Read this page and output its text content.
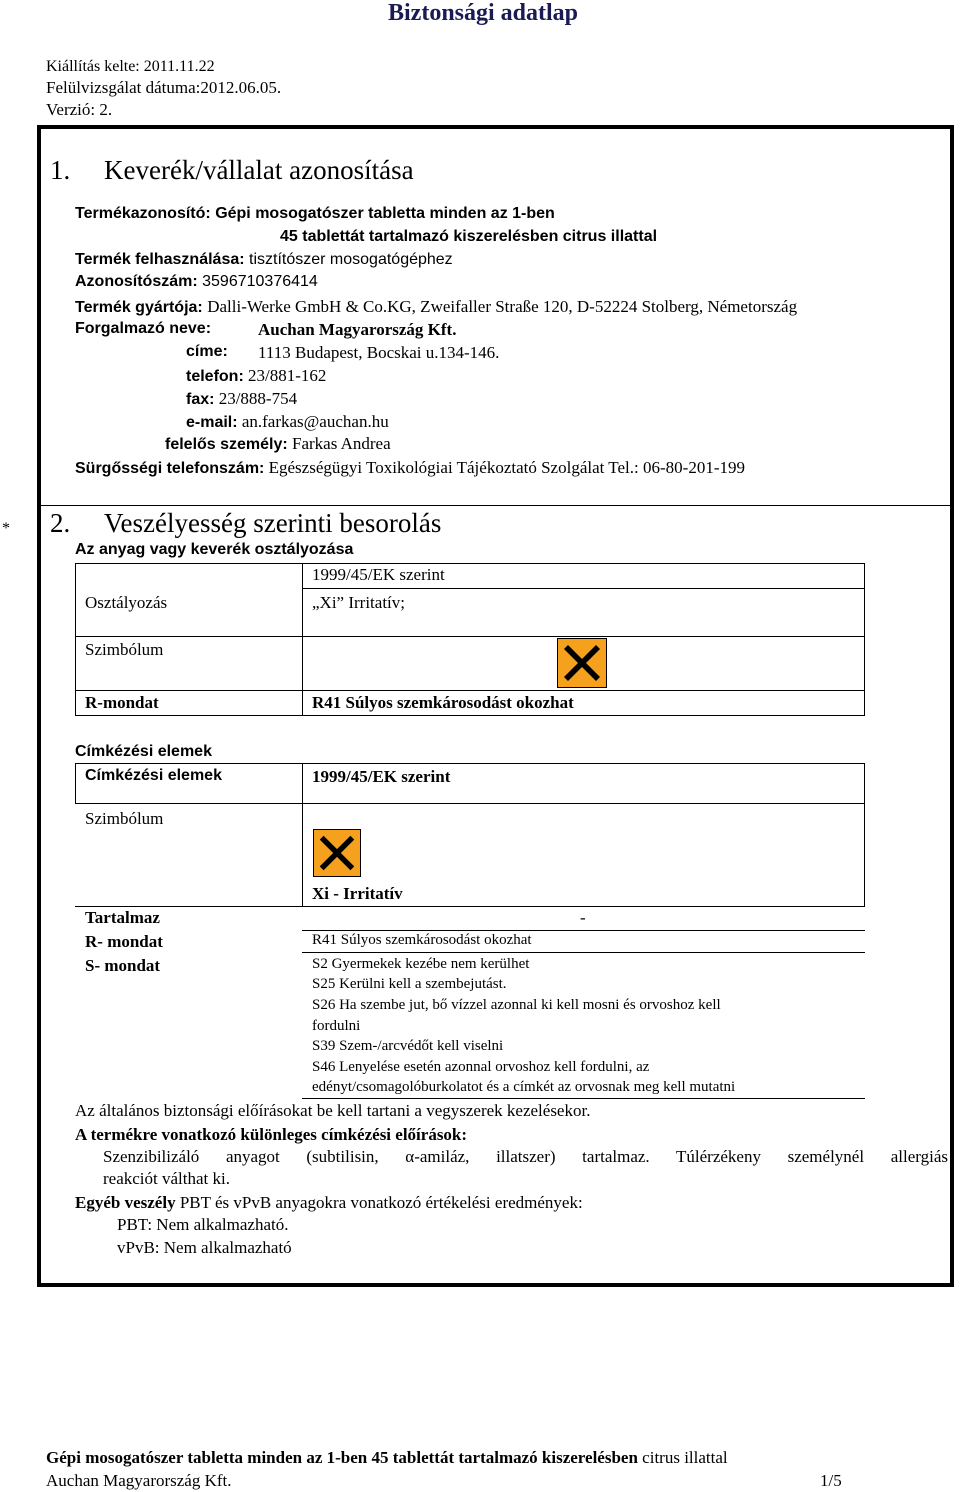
Biztonsági adatlap
Kiállítás kelte: 2011.11.22
Felülvizsgálat dátuma:2012.06.05.
Verzió: 2.
1. Keverék/vállalat azonosítása
Termékazonosító: Gépi mosogatószer tabletta minden az 1-ben
45 tablettát tartalmazó kiszerelésben citrus illattal
Termék felhasználása: tisztítószer mosogatógéphez
Azonosítószám: 3596710376414
Termék gyártója: Dalli-Werke GmbH & Co.KG, Zweifaller Straße 120, D-52224 Stolberg, Németország
Forgalmazó neve:	Auchan Magyarország Kft.
címe: 1113 Budapest, Bocskai u.134-146.
telefon: 23/881-162
fax: 23/888-754
e-mail: an.farkas@auchan.hu
felelős személy: Farkas Andrea
Sürgősségi telefonszám: Egészségügyi Toxikológiai Tájékoztató Szolgálat Tel.: 06-80-201-199
* 2. Veszélyesség szerinti besorolás
Az anyag vagy keverék osztályozása
1999/45/EK szerint
Osztályozás	„Xi” Irritatív;
Szimbólum
R-mondat	R41 Súlyos szemkárosodást okozhat
Címkézési elemek
Címkézési elemek	1999/45/EK szerint
Szimbólum
Xi - Irritatív
Tartalmaz	-
R- mondat	R41 Súlyos szemkárosodást okozhat
S- mondat	S2 Gyermekek kezébe nem kerülhet
S25 Kerülni kell a szembejutást.
S26 Ha szembe jut, bő vízzel azonnal ki kell mosni és orvoshoz kell
fordulni
S39 Szem-/arcvédőt kell viselni
S46 Lenyelése esetén azonnal orvoshoz kell fordulni, az
edényt/csomagolóburkolatot és a címkét az orvosnak meg kell mutatni
Az általános biztonsági előírásokat be kell tartani a vegyszerek kezelésekor.
A termékre vonatkozó különleges címkézési előírások:
Szenzibilizáló anyagot (subtilisin, α-amiláz, illatszer) tartalmaz. Túlérzékeny személynél allergiás
reakciót válthat ki.
Egyéb veszély PBT és vPvB anyagokra vonatkozó értékelési eredmények:
PBT: Nem alkalmazható.
vPvB: Nem alkalmazható
Gépi mosogatószer tabletta minden az 1-ben 45 tablettát tartalmazó kiszerelésben citrus illattal
Auchan Magyarország Kft.	1/5
